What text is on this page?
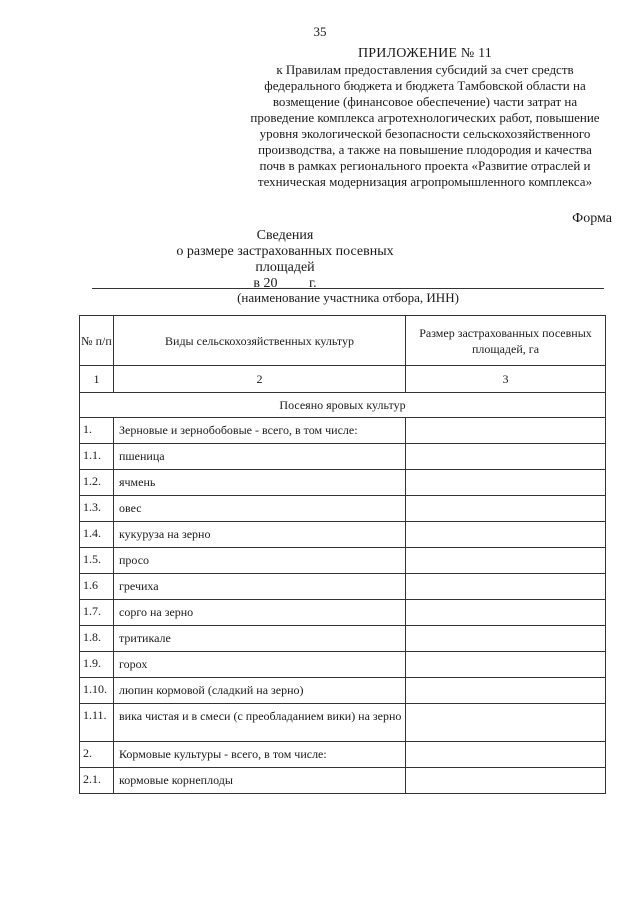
35
ПРИЛОЖЕНИЕ № 11
к Правилам предоставления субсидий за счет средств
федерального бюджета и бюджета Тамбовской области на
возмещение (финансовое обеспечение) части затрат на
проведение комплекса агротехнологических работ, повышение
уровня экологической безопасности сельскохозяйственного
производства, а также на повышение плодородия и качества
почв в рамках регионального проекта «Развитие отраслей и
техническая модернизация агропромышленного комплекса»
Форма
Сведения
о размере застрахованных посевных площадей
в 20____ г.
(наименование участника отбора, ИНН)
№ п/п	Виды сельскохозяйственных культур	Размер застрахованных посевных площадей, га
1	2	3
Посеяно яровых культур		
1.	Зерновые и зернобобовые - всего, в том числе:	
1.1.	пшеница	
1.2.	ячмень	
1.3.	овес	
1.4.	кукуруза на зерно	
1.5.	просо	
1.6	гречиха	
1.7.	сорго на зерно	
1.8.	тритикале	
1.9.	горох	
1.10.	люпин кормовой (сладкий на зерно)	
1.11.	вика чистая и в смеси (с преобладанием вики) на зерно	
2.	Кормовые культуры - всего, в том числе:	
2.1.	кормовые корнеплоды	
